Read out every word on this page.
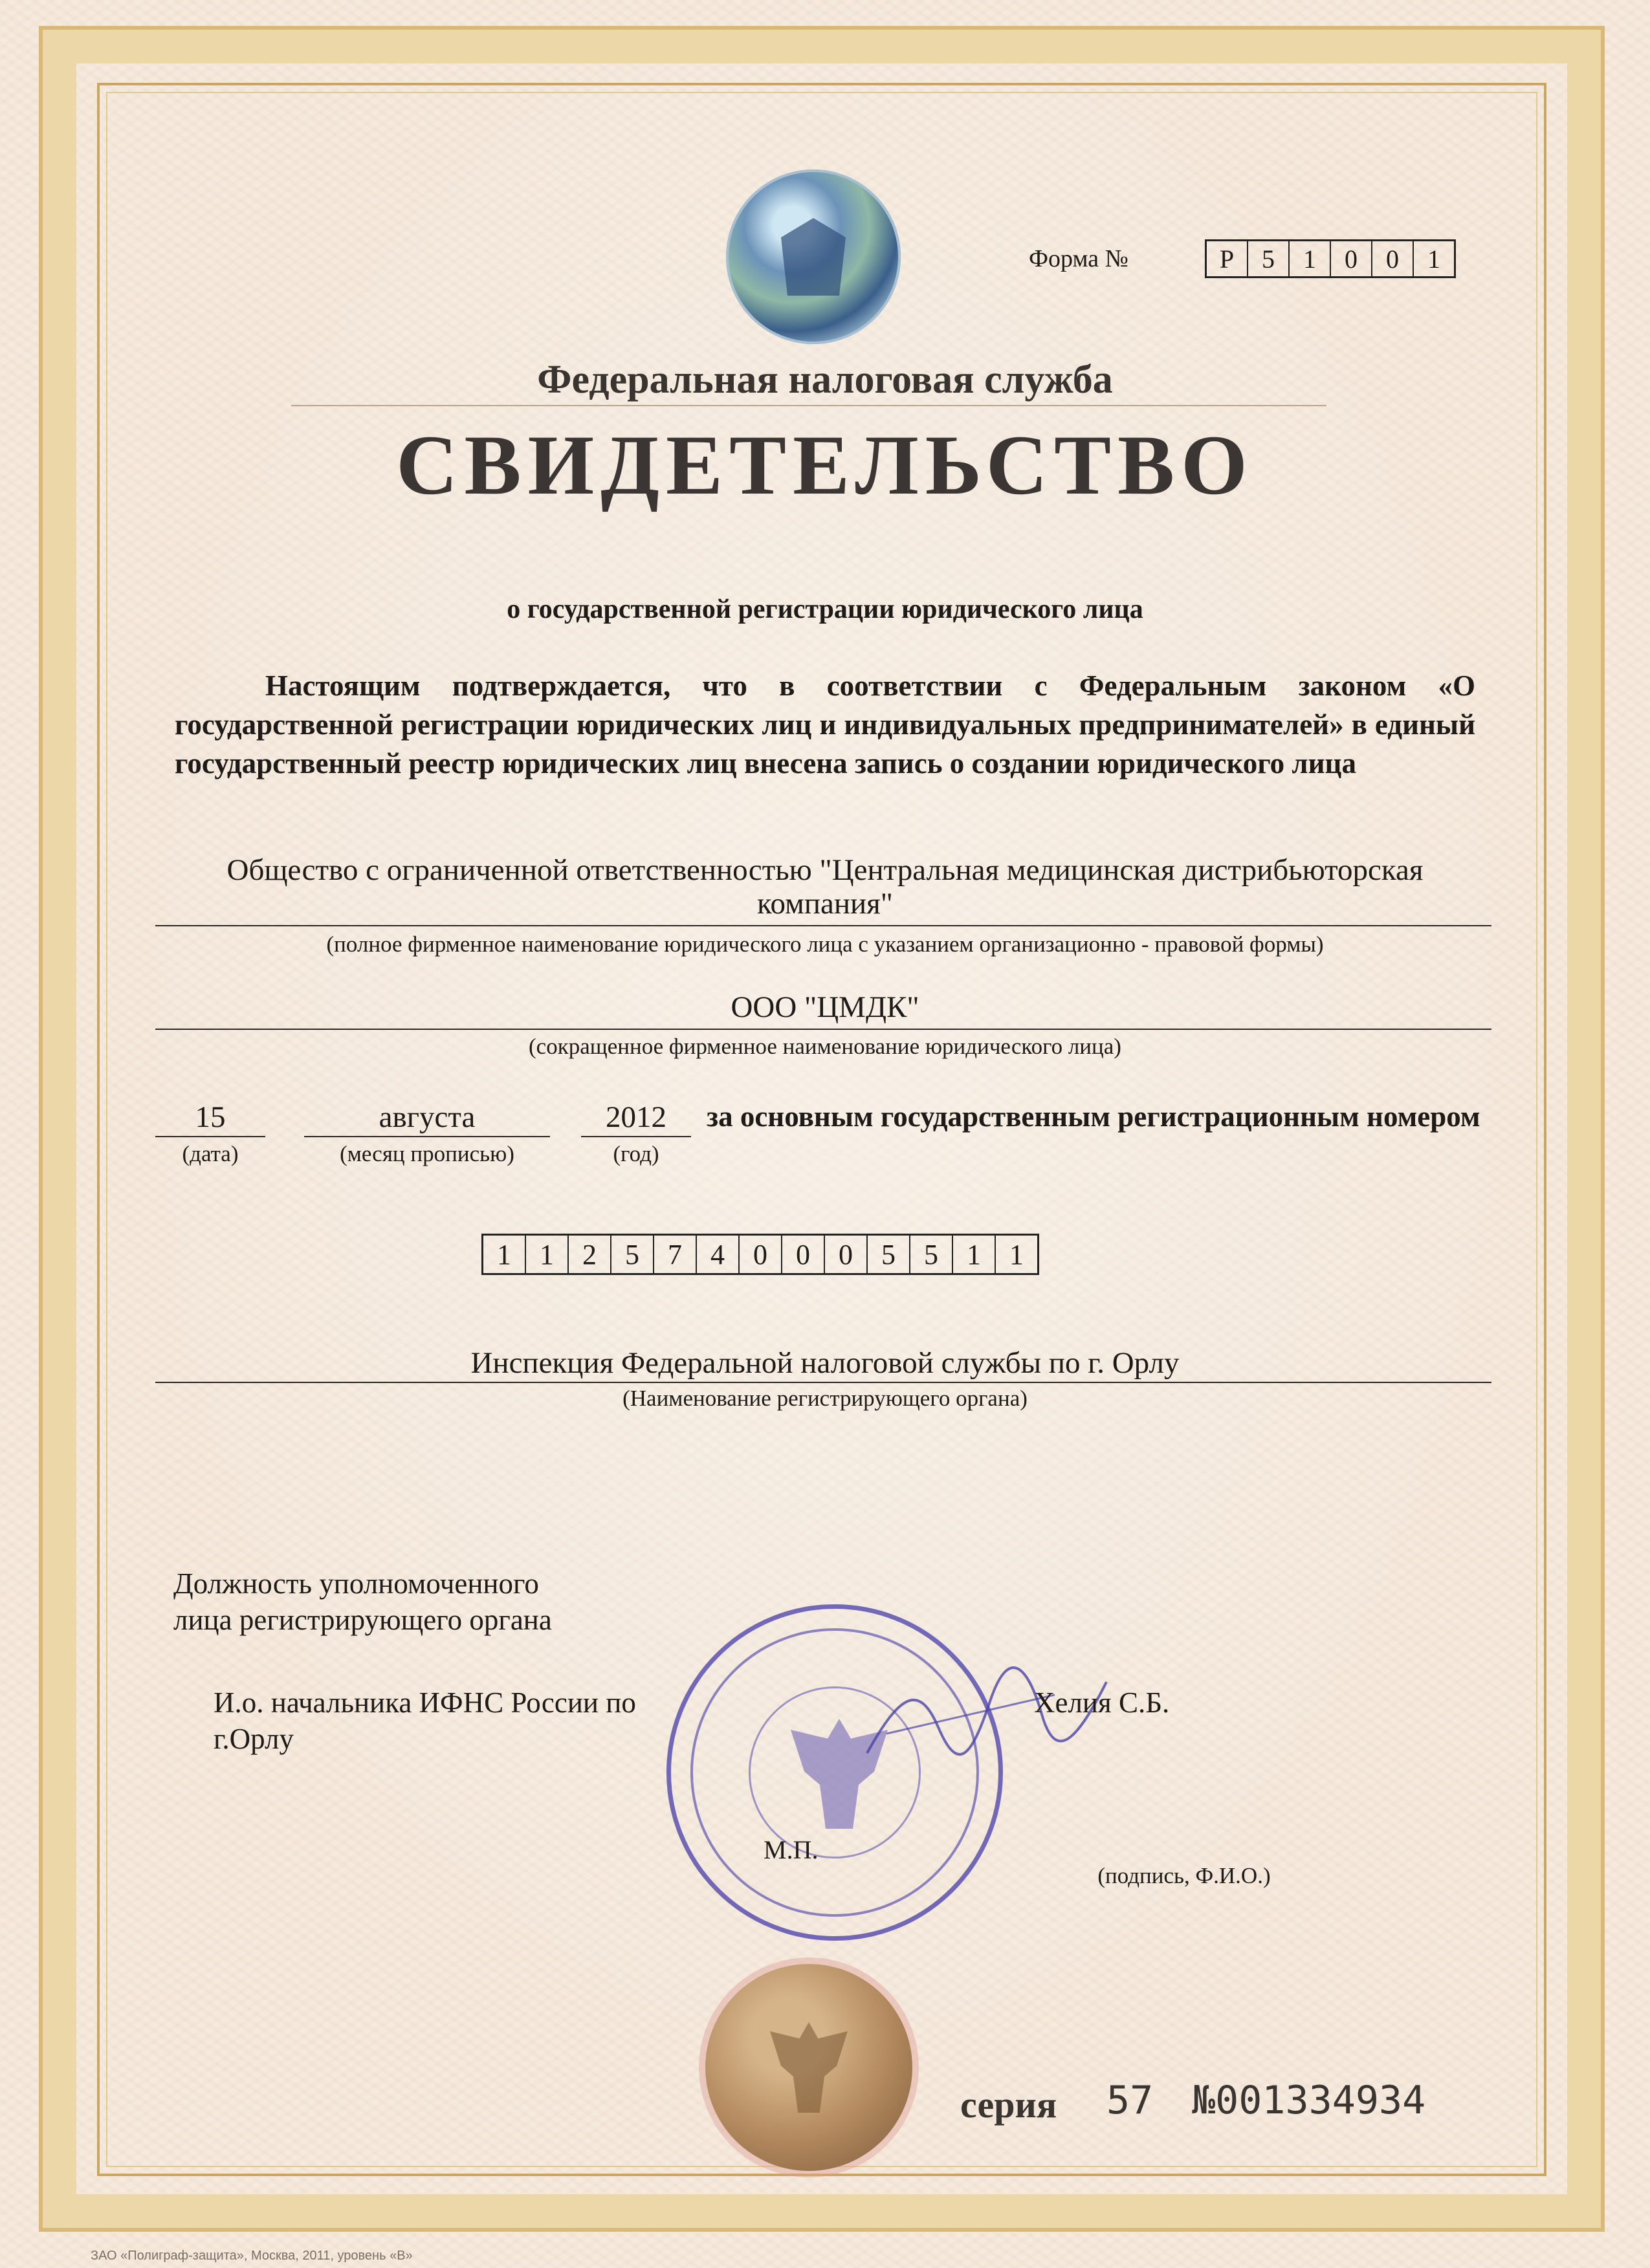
Форма №	Р	5	1	0	0	1
Федеральная налоговая служба
СВИДЕТЕЛЬСТВО
о государственной регистрации юридического лица
Настоящим подтверждается, что в соответствии с Федеральным законом «О государственной регистрации юридических лиц и индивидуальных предпринимателей» в единый государственный реестр юридических лиц внесена запись о создании юридического лица
Общество с ограниченной ответственностью "Центральная медицинская дистрибьюторская
компания"
(полное фирменное наименование юридического лица с указанием организационно - правовой формы)
ООО "ЦМДК"
(сокращенное фирменное наименование юридического лица)
15
(дата)
августа
(месяц прописью)
2012
(год)
за основным государственным регистрационным номером
1	1	2	5	7	4	0	0	0	5	5	1	1
Инспекция Федеральной налоговой службы по г. Орлу
(Наименование регистрирующего органа)
Должность уполномоченного
лица регистрирующего органа
И.о. начальника ИФНС России по
г.Орлу
Хелия С.Б.
М.П.
(подпись, Ф.И.О.)
серия 57 №001334934
ЗАО «Полиграф-защита», Москва, 2011, уровень «В»
